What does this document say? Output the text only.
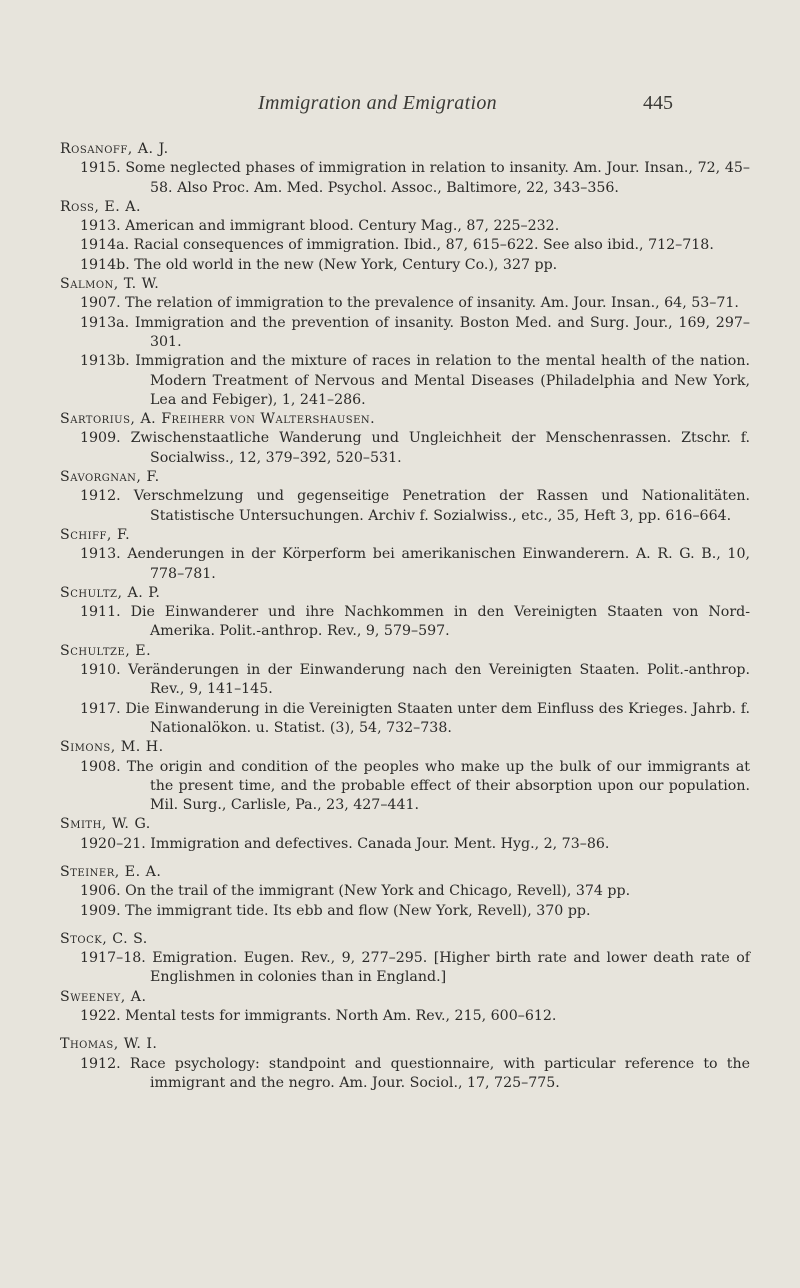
Immigration and Emigration	445
Rosanoff, A. J.
1915. Some neglected phases of immigration in relation to insanity. Am. Jour. Insan., 72, 45–58. Also Proc. Am. Med. Psychol. Assoc., Baltimore, 22, 343–356.
Ross, E. A.
1913. American and immigrant blood. Century Mag., 87, 225–232.
1914a. Racial consequences of immigration. Ibid., 87, 615–622. See also ibid., 712–718.
1914b. The old world in the new (New York, Century Co.), 327 pp.
Salmon, T. W.
1907. The relation of immigration to the prevalence of insanity. Am. Jour. Insan., 64, 53–71.
1913a. Immigration and the prevention of insanity. Boston Med. and Surg. Jour., 169, 297–301.
1913b. Immigration and the mixture of races in relation to the mental health of the nation. Modern Treatment of Nervous and Mental Diseases (Philadelphia and New York, Lea and Febiger), 1, 241–286.
Sartorius, A. Freiherr von Waltershausen.
1909. Zwischenstaatliche Wanderung und Ungleichheit der Menschenrassen. Ztschr. f. Socialwiss., 12, 379–392, 520–531.
Savorgnan, F.
1912. Verschmelzung und gegenseitige Penetration der Rassen und Nationalitäten. Statistische Untersuchungen. Archiv f. Sozialwiss., etc., 35, Heft 3, pp. 616–664.
Schiff, F.
1913. Aenderungen in der Körperform bei amerikanischen Einwanderern. A. R. G. B., 10, 778–781.
Schultz, A. P.
1911. Die Einwanderer und ihre Nachkommen in den Vereinigten Staaten von Nord-Amerika. Polit.-anthrop. Rev., 9, 579–597.
Schultze, E.
1910. Veränderungen in der Einwanderung nach den Vereinigten Staaten. Polit.-anthrop. Rev., 9, 141–145.
1917. Die Einwanderung in die Vereinigten Staaten unter dem Einfluss des Krieges. Jahrb. f. Nationalökon. u. Statist. (3), 54, 732–738.
Simons, M. H.
1908. The origin and condition of the peoples who make up the bulk of our immigrants at the present time, and the probable effect of their absorption upon our population. Mil. Surg., Carlisle, Pa., 23, 427–441.
Smith, W. G.
1920–21. Immigration and defectives. Canada Jour. Ment. Hyg., 2, 73–86.
Steiner, E. A.
1906. On the trail of the immigrant (New York and Chicago, Revell), 374 pp.
1909. The immigrant tide. Its ebb and flow (New York, Revell), 370 pp.
Stock, C. S.
1917–18. Emigration. Eugen. Rev., 9, 277–295. [Higher birth rate and lower death rate of Englishmen in colonies than in England.]
Sweeney, A.
1922. Mental tests for immigrants. North Am. Rev., 215, 600–612.
Thomas, W. I.
1912. Race psychology: standpoint and questionnaire, with particular reference to the immigrant and the negro. Am. Jour. Sociol., 17, 725–775.
